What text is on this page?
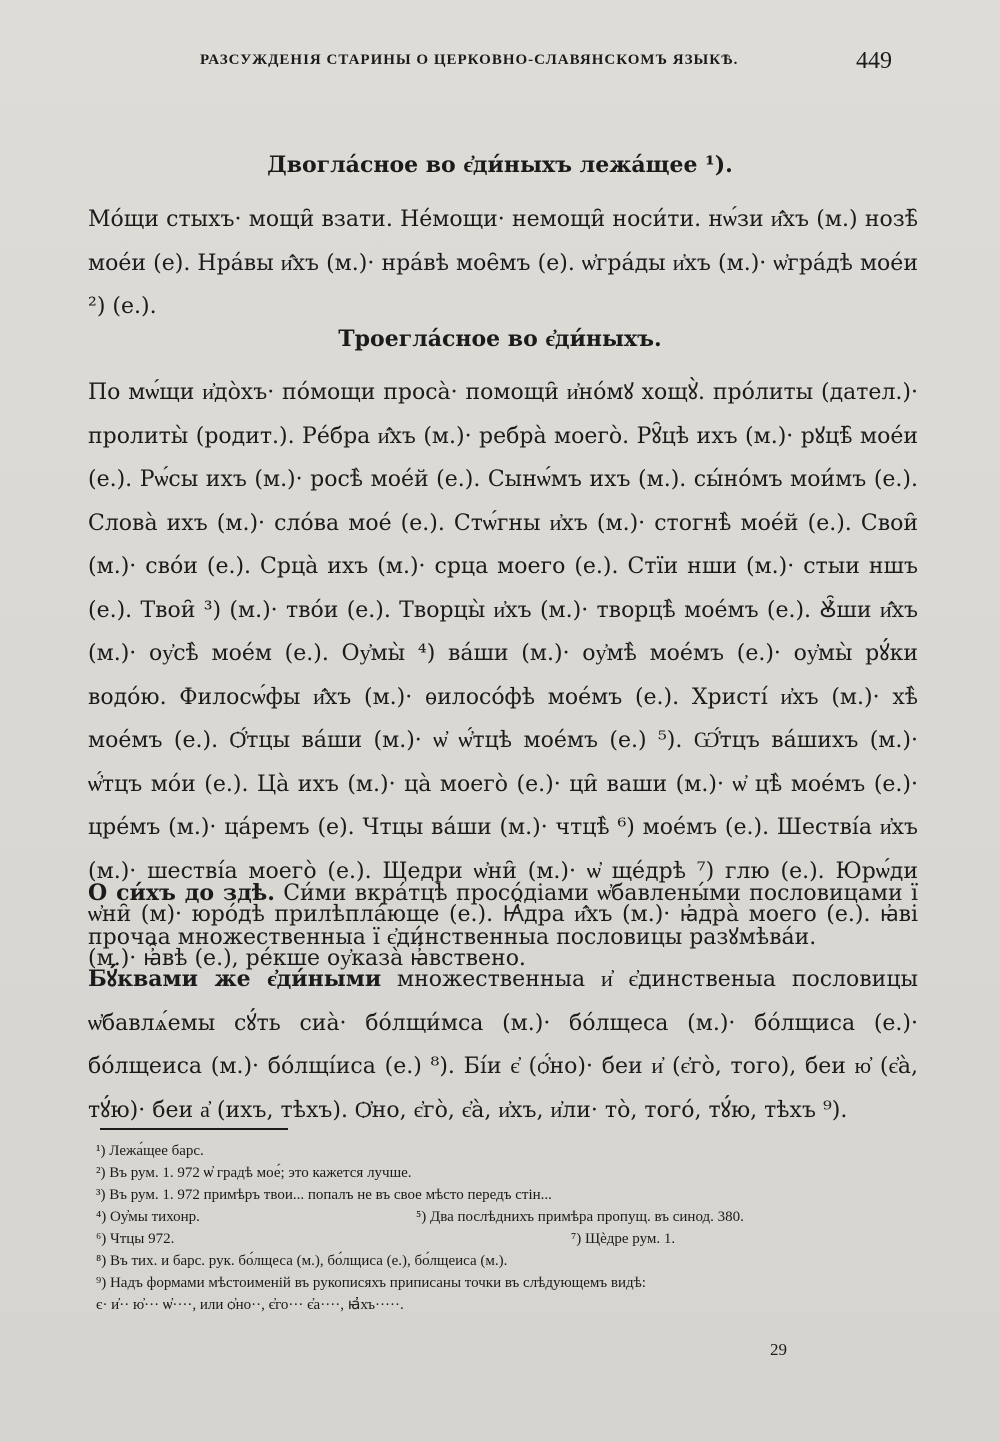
РАЗСУЖДЕНІЯ СТАРИНЫ О ЦЕРКОВНО-СЛАВЯНСКОМЪ ЯЗЫКѢ.	449
Двогла́сное во є҆ди́ныхъ лежа́щее ¹).
Мо́щи стыхъ· мощи̑ взати. Не́мощи· немощи̑ носи́ти. нѡ́зи и҆̑хъ (м.) нозѣ̑ мое́и (е). Нра́вы и҆̑хъ (м.)· нра́вѣ мое̑мъ (е). ѡ҆гра́ды и҆хъ (м.)· ѡ҆гра́дѣ мое́и ²) (е.).
Троегла́сное во є҆ди́ныхъ.
По мѡ́щи и҆до̀хъ· по́мощи проса̀· помощи̑ и҆но́мꙋ хощꙋ̀. про́литы (дател.)· пролиты̀ (родит.). Ре́бра и҆̑хъ (м.)· ребра̀ моего̀. Рꙋ̑цѣ ихъ (м.)· рꙋцѣ̑ мое́и (е.). Рѡ́сы ихъ (м.)· росѣ̀ мое́й (е.). Сынѡ́мъ ихъ (м.). сы́но́мъ мои́мъ (е.). Слова̀ ихъ (м.)· сло́ва мое́ (е.). Стѡ́гны и҆хъ (м.)· стогнѣ̀ мое́й (е.). Свои̑ (м.)· сво́и (е.). Срца̀ ихъ (м.)· срца моего (е.). Стїи нши (м.)· стыи ншъ (е.). Твои̑ ³) (м.)· тво́и (е.). Творцы̀ и҆хъ (м.)· творцѣ̀ мое́мъ (е.). Ꙋ҆̑ши и҆̑хъ (м.)· оу҆сѣ̀ мое́м (е.). Оу҆мы̀ ⁴) ва́ши (м.)· оу҆мѣ̀ мое́мъ (е.)· оу҆мы̀ рꙋ́ки водо́ю. Филосѡ́фы и҆̑хъ (м.)· ѳилосо́фѣ мое́мъ (е.). Христі́ и҆хъ (м.)· хѣ̀ мое́мъ (е.). Ѻ҆́тцы ва́ши (м.)· ѡ҆ ѡ҆́тцѣ мое́мъ (е.) ⁵). Ѡ҆́тцъ ва́шихъ (м.)· ѡ҆́тцъ мо́и (е.). Ца̀ ихъ (м.)· ца̀ моего̀ (е.)· ци̑ ваши (м.)· ѡ҆ цѣ̀ мое́мъ (е.)· цре́мъ (м.)· ца́ремъ (е). Чтцы ва́ши (м.)· чтцѣ̀ ⁶) мое́мъ (е.). Шестві́а и҆хъ (м.)· шестві́а моего̀ (е.). Щедри ѡ҆ни̑ (м.)· ѡ҆ ще́дрѣ ⁷) глю (е.). Юрѡ́ди ѡ҆ни̑ (м)· юро́дѣ прилѣпла́юще (е.). Ꙗ҆̑дра и҆̑хъ (м.)· ꙗ҆дра̀ моего (е.). ꙗ҆ві (м.)· ꙗ҆̑вѣ (е.), ре́кше оу҆каза̀ ꙗ҆́вствено.
О си́хъ до здѣ. Си́ми вкра́тцѣ просо́діами ѡ҆бавлены́ми пословицами ї прочаа множественныа ї є҆ди́нственныа пословицы разꙋмѣва́и.
Бꙋ́квами же є҆ди́ными множественныа и҆ є҆динственыа пословицы ѡ҆бавлѧ́емы сꙋ́ть сиа̀· бо́лщи́мса (м.)· бо́лщеса (м.)· бо́лщиса (е.)· бо́лщеиса (м.)· бо́лщі́иса (е.) ⁸). Бі́и є҆ (ѻ҆́но)· беи и҆ (є҆го̀, того), беи ю҆ (є҆а̀, тꙋ́ю)· беи а҆ (ихъ, тѣхъ). Ѻ҆но, є҆го̀, є҆а̀, и҆хъ, и҆ли· то̀, того́, тꙋ́ю, тѣхъ ⁹).
¹) Лежа́щее барс.
²) Въ рум. 1. 972 ѡ҆ градѣ мое́; это кажется лучше.
³) Въ рум. 1. 972 примѣръ твои... попалъ не въ свое мѣсто передъ стін...
⁴) Оу҆мы тихонр.	⁵) Два послѣднихъ примѣра пропущ. въ синод. 380.
⁶) Чтцы 972.	⁷) Щѐдре рум. 1.
⁸) Въ тих. и барс. рук. бо́лщеса (м.), бо́лщиса (е.), бо́лщеиса (м.).
⁹) Надъ формами мѣстоименій въ рукописяхъ приписаны точки въ слѣдующемъ видѣ:
є· и҆·· ю҆··· ѡ҆····, или ѻ҆но··, є҆го··· є҆а····, ꙗ҆хъ·····.
29
